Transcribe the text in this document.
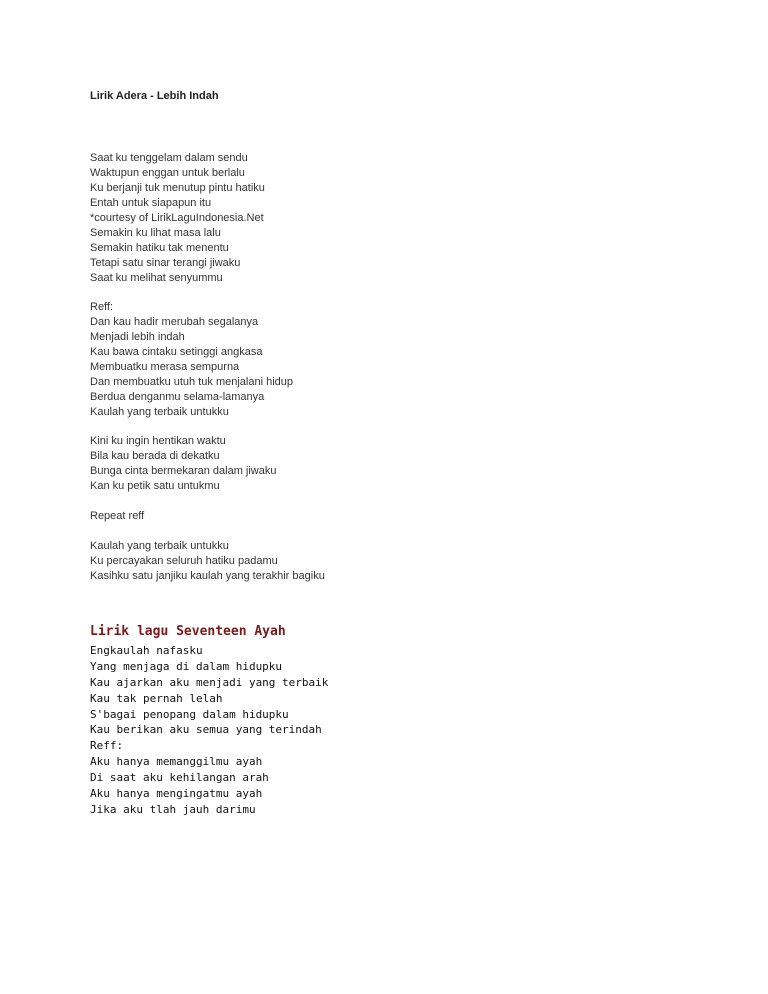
Lirik Adera - Lebih Indah
Saat ku tenggelam dalam sendu
Waktupun enggan untuk berlalu
Ku berjanji tuk menutup pintu hatiku
Entah untuk siapapun itu
*courtesy of LirikLaguIndonesia.Net
Semakin ku lihat masa lalu
Semakin hatiku tak menentu
Tetapi satu sinar terangi jiwaku
Saat ku melihat senyummu
Reff:
Dan kau hadir merubah segalanya
Menjadi lebih indah
Kau bawa cintaku setinggi angkasa
Membuatku merasa sempurna
Dan membuatku utuh tuk menjalani hidup
Berdua denganmu selama-lamanya
Kaulah yang terbaik untukku
Kini ku ingin hentikan waktu
Bila kau berada di dekatku
Bunga cinta bermekaran dalam jiwaku
Kan ku petik satu untukmu
Repeat reff
Kaulah yang terbaik untukku
Ku percayakan seluruh hatiku padamu
Kasihku satu janjiku kaulah yang terakhir bagiku
Lirik lagu Seventeen Ayah
Engkaulah nafasku
Yang menjaga di dalam hidupku
Kau ajarkan aku menjadi yang terbaik
Kau tak pernah lelah
S'bagai penopang dalam hidupku
Kau berikan aku semua yang terindah
Reff:
Aku hanya memanggilmu ayah
Di saat aku kehilangan arah
Aku hanya mengingatmu ayah
Jika aku tlah jauh darimu
